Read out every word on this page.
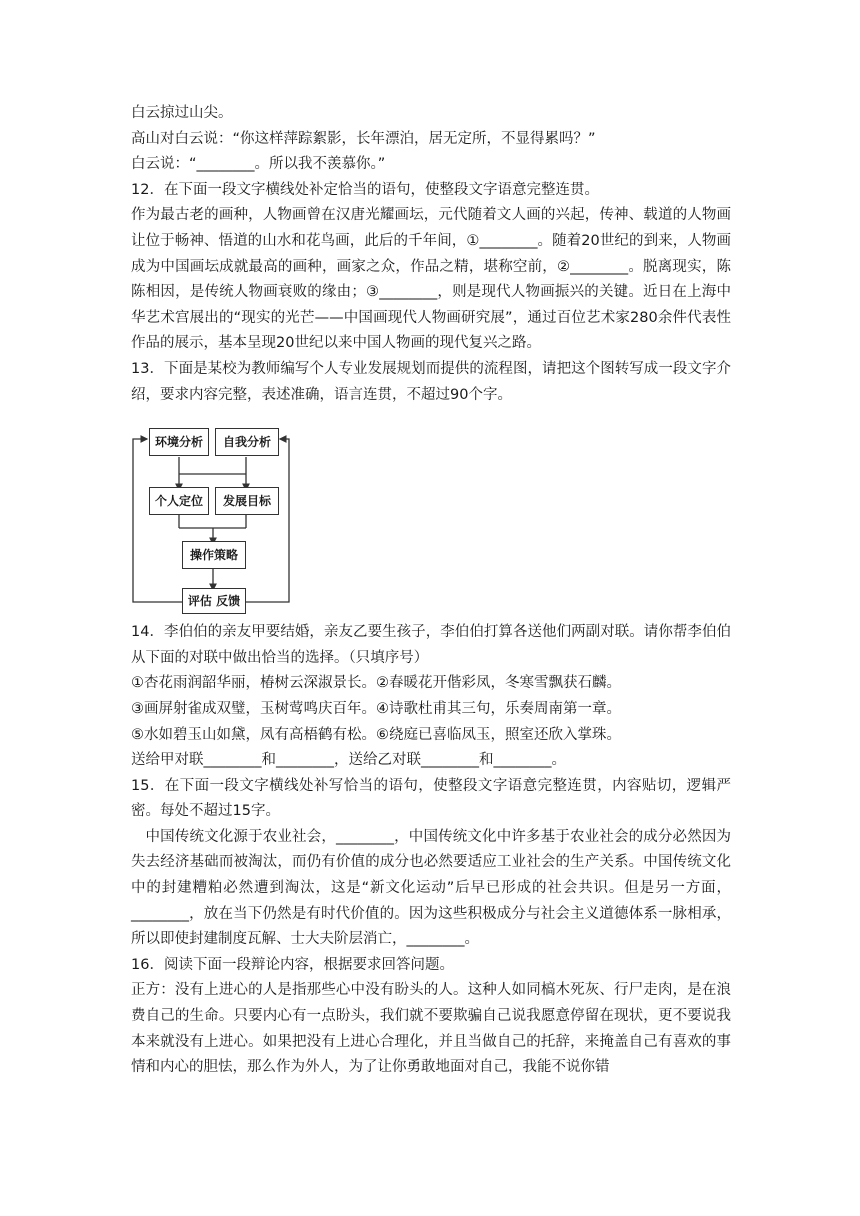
白云掠过山尖。

高山对白云说：“你这样萍踪絮影，长年漂泊，居无定所，不显得累吗？”

白云说：“________。所以我不羡慕你。”

12．在下面一段文字横线处补定恰当的语句，使整段文字语意完整连贯。

作为最古老的画种，人物画曾在汉唐光耀画坛，元代随着文人画的兴起，传神、载道的人物画让位于畅神、悟道的山水和花鸟画，此后的千年间，①________。随着20世纪的到来，人物画成为中国画坛成就最高的画种，画家之众，作品之精，堪称空前，②________。脱离现实，陈陈相因，是传统人物画衰败的缘由；③________，则是现代人物画振兴的关键。近日在上海中华艺术宫展出的“现实的光芒——中国画现代人物画研究展”，通过百位艺术家280余件代表性作品的展示，基本呈现20世纪以来中国人物画的现代复兴之路。

13．下面是某校为教师编写个人专业发展规划而提供的流程图，请把这个图转写成一段文字介绍，要求内容完整，表述准确，语言连贯，不超过90个字。

环境分析	自我分析
个人定位	发展目标
操作策略
评估 反馈

14．李伯伯的亲友甲要结婚，亲友乙要生孩子，李伯伯打算各送他们两副对联。请你帮李伯伯从下面的对联中做出恰当的选择。（只填序号）

①杏花雨润韶华丽，椿树云深淑景长。②春暖花开偕彩凤，冬寒雪飘获石麟。

③画屏射雀成双璧，玉树莺鸣庆百年。④诗歌杜甫其三句，乐奏周南第一章。

⑤水如碧玉山如黛，凤有高梧鹤有松。⑥绕庭已喜临凤玉，照室还欣入掌珠。

送给甲对联________和________，送给乙对联________和________。

15．在下面一段文字横线处补写恰当的语句，使整段文字语意完整连贯，内容贴切，逻辑严密。每处不超过15字。

中国传统文化源于农业社会，________，中国传统文化中许多基于农业社会的成分必然因为失去经济基础而被淘汰，而仍有价值的成分也必然要适应工业社会的生产关系。中国传统文化中的封建糟粕必然遭到淘汰，这是“新文化运动”后早已形成的社会共识。但是另一方面，________，放在当下仍然是有时代价值的。因为这些积极成分与社会主义道德体系一脉相承，所以即使封建制度瓦解、士大夫阶层消亡，________。

16．阅读下面一段辩论内容，根据要求回答问题。

正方：没有上进心的人是指那些心中没有盼头的人。这种人如同槁木死灰、行尸走肉，是在浪费自己的生命。只要内心有一点盼头，我们就不要欺骗自己说我愿意停留在现状，更不要说我本来就没有上进心。如果把没有上进心合理化，并且当做自己的托辞，来掩盖自己有喜欢的事情和内心的胆怯，那么作为外人，为了让你勇敢地面对自己，我能不说你错
